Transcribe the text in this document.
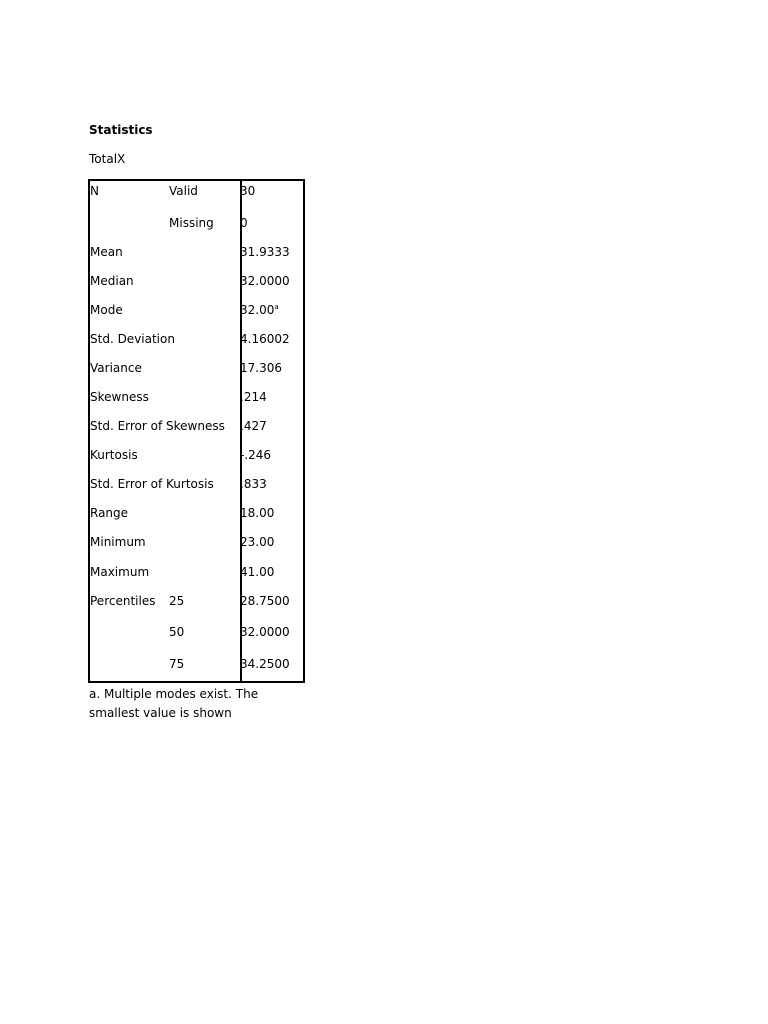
Statistics
TotalX
N	Valid	30
Missing 0
Mean	31.9333
Median	32.0000
Mode	32.00$^a$
Std. Deviation	4.16002
Variance	17.306
Skewness	.214
Std. Error of Skewness .427
Kurtosis	-.246
Std. Error of Kurtosis .833
Range	18.00
Minimum	23.00
Maximum	41.00
Percentiles 25	28.7500
50	32.0000
75	34.2500
a. Multiple modes exist. The smallest value is shown
